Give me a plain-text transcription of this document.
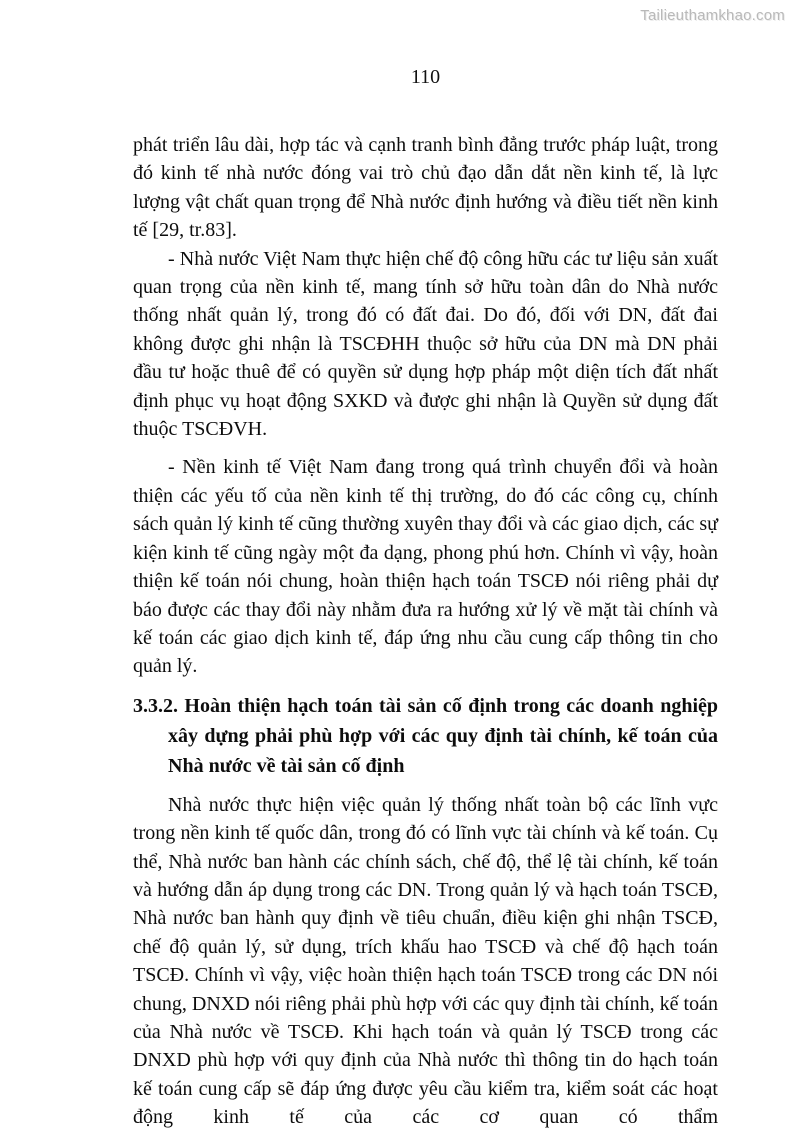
Tailieuthamkhao.com
110

phát triển lâu dài, hợp tác và cạnh tranh bình đẳng trước pháp luật, trong đó kinh tế nhà nước đóng vai trò chủ đạo dẫn dắt nền kinh tế, là lực lượng vật chất quan trọng để Nhà nước định hướng và điều tiết nền kinh tế [29, tr.83].

- Nhà nước Việt Nam thực hiện chế độ công hữu các tư liệu sản xuất quan trọng của nền kinh tế, mang tính sở hữu toàn dân do Nhà nước thống nhất quản lý, trong đó có đất đai. Do đó, đối với DN, đất đai không được ghi nhận là TSCĐHH thuộc sở hữu của DN mà DN phải đầu tư hoặc thuê để có quyền sử dụng hợp pháp một diện tích đất nhất định phục vụ hoạt động SXKD và được ghi nhận là Quyền sử dụng đất thuộc TSCĐVH.

- Nền kinh tế Việt Nam đang trong quá trình chuyển đổi và hoàn thiện các yếu tố của nền kinh tế thị trường, do đó các công cụ, chính sách quản lý kinh tế cũng thường xuyên thay đổi và các giao dịch, các sự kiện kinh tế cũng ngày một đa dạng, phong phú hơn. Chính vì vậy, hoàn thiện kế toán nói chung, hoàn thiện hạch toán TSCĐ nói riêng phải dự báo được các thay đổi này nhằm đưa ra hướng xử lý về mặt tài chính và kế toán các giao dịch kinh tế, đáp ứng nhu cầu cung cấp thông tin cho quản lý.

3.3.2. Hoàn thiện hạch toán tài sản cố định trong các doanh nghiệp xây dựng phải phù hợp với các quy định tài chính, kế toán của Nhà nước về tài sản cố định

Nhà nước thực hiện việc quản lý thống nhất toàn bộ các lĩnh vực trong nền kinh tế quốc dân, trong đó có lĩnh vực tài chính và kế toán. Cụ thể, Nhà nước ban hành các chính sách, chế độ, thể lệ tài chính, kế toán và hướng dẫn áp dụng trong các DN. Trong quản lý và hạch toán TSCĐ, Nhà nước ban hành quy định về tiêu chuẩn, điều kiện ghi nhận TSCĐ, chế độ quản lý, sử dụng, trích khấu hao TSCĐ và chế độ hạch toán TSCĐ. Chính vì vậy, việc hoàn thiện hạch toán TSCĐ trong các DN nói chung, DNXD nói riêng phải phù hợp với các quy định tài chính, kế toán của Nhà nước về TSCĐ. Khi hạch toán và quản lý TSCĐ trong các DNXD phù hợp với quy định của Nhà nước thì thông tin do hạch toán kế toán cung cấp sẽ đáp ứng được yêu cầu kiểm tra, kiểm soát các hoạt động kinh tế của các cơ quan có thẩm
